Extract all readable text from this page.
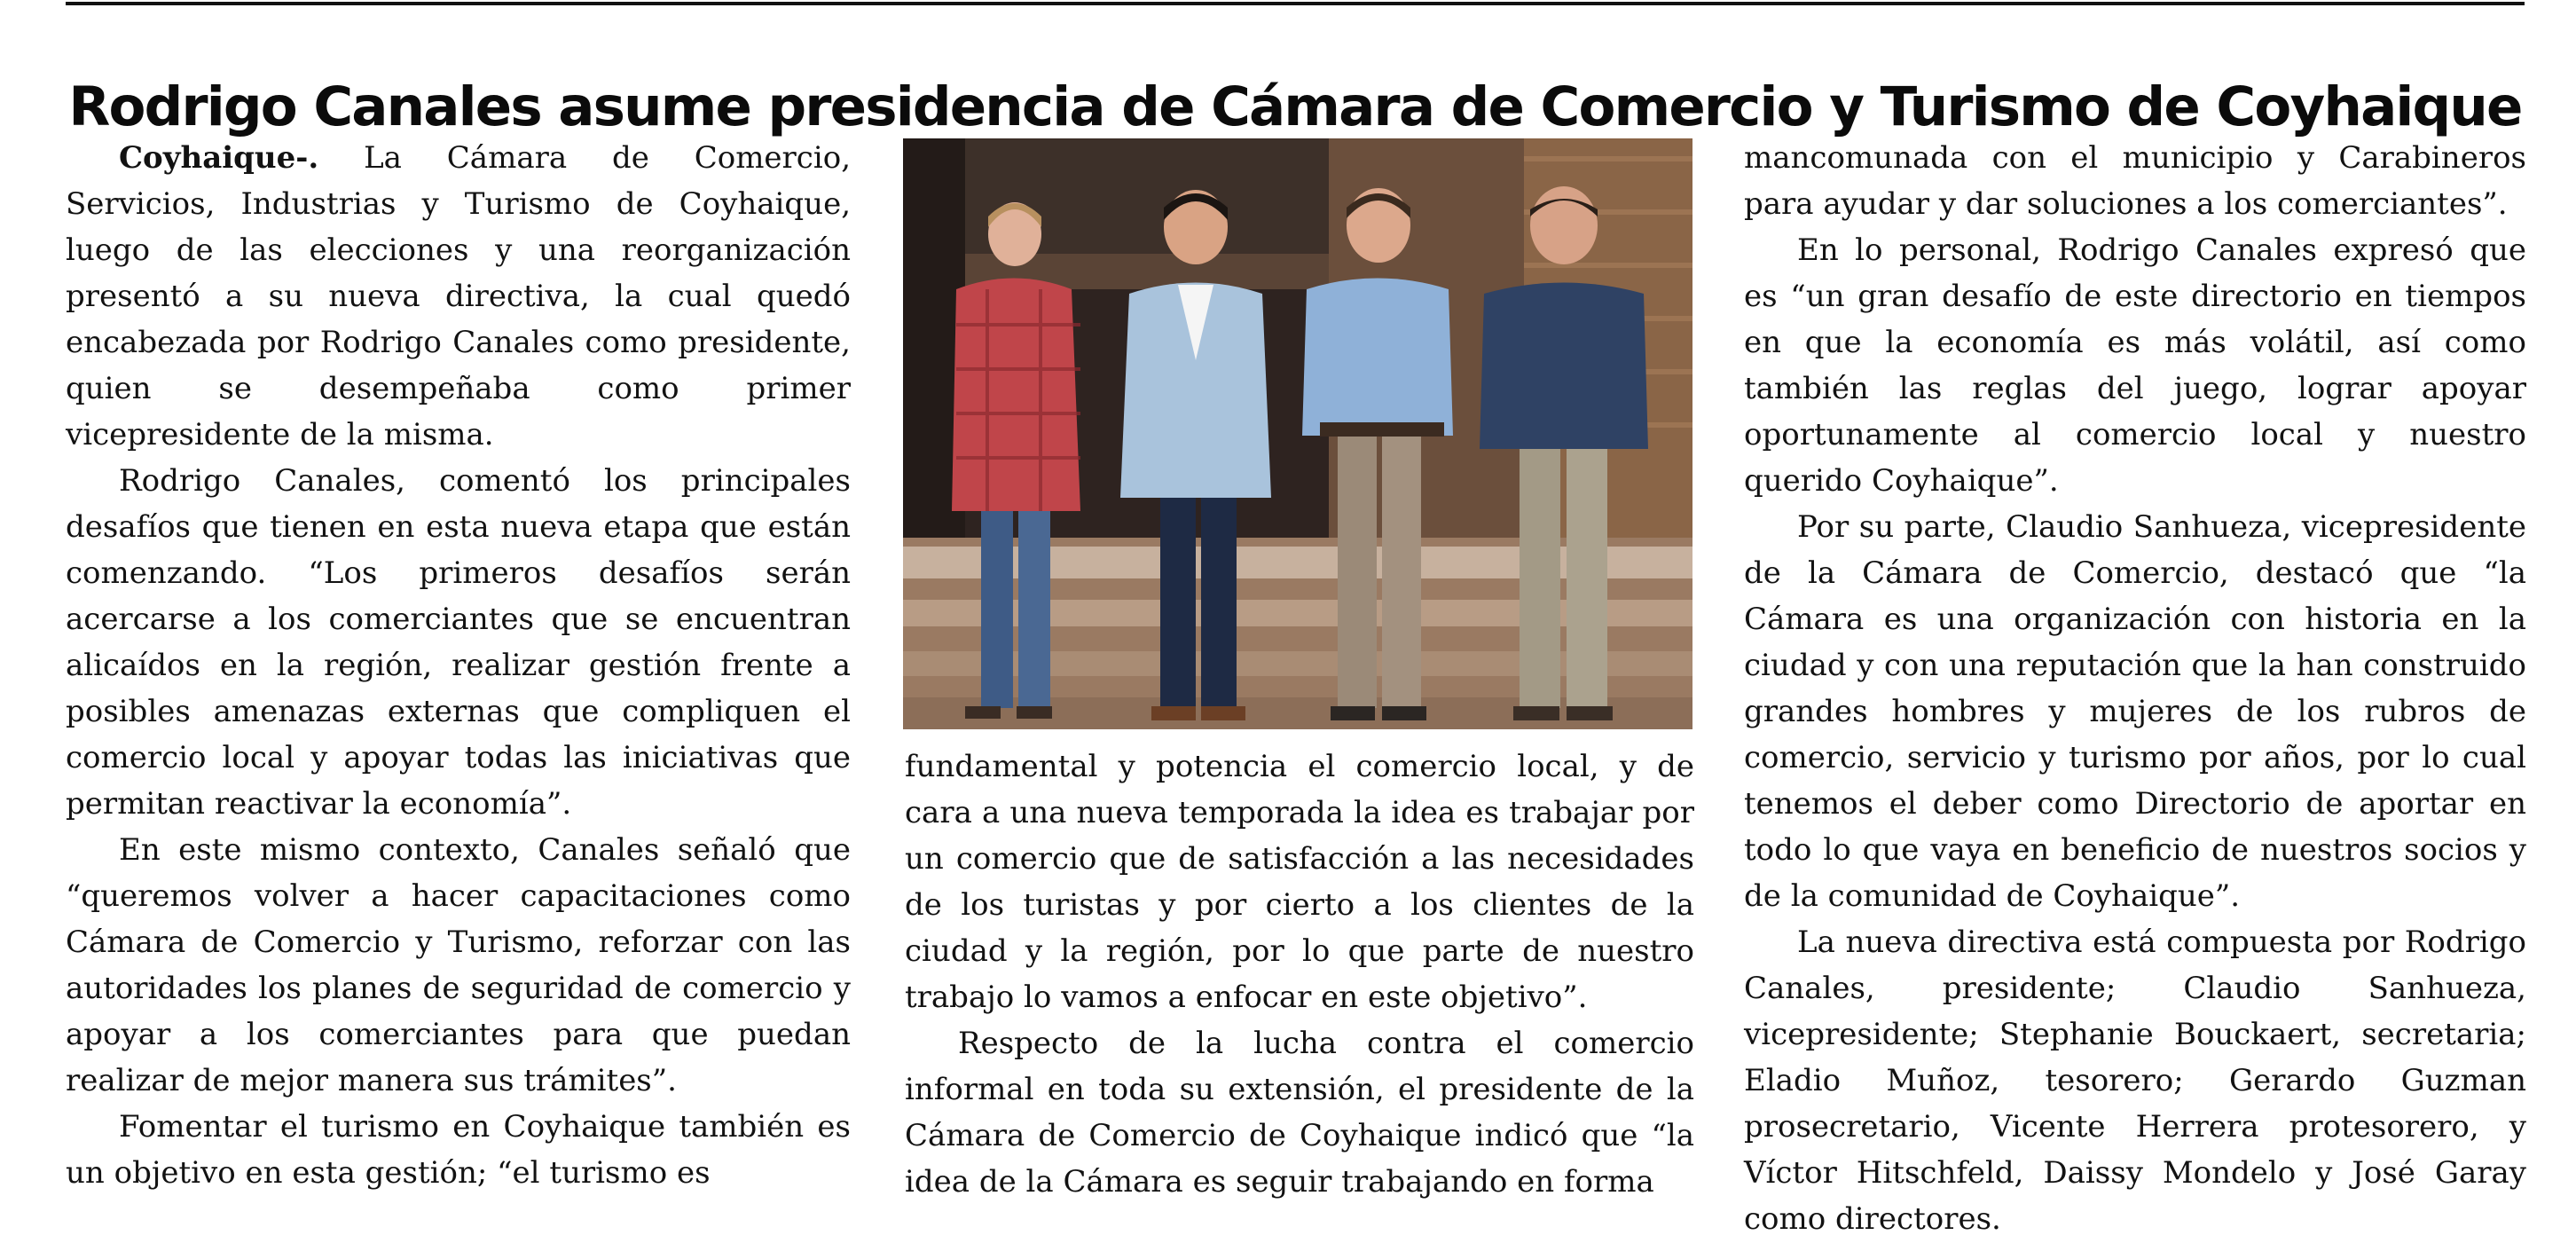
Rodrigo Canales asume presidencia de Cámara de Comercio y Turismo de Coyhaique

Coyhaique-. La Cámara de Comercio, Servicios, Industrias y Turismo de Coyhaique, luego de las elecciones y una reorganización presentó a su nueva directiva, la cual quedó encabezada por Rodrigo Canales como presidente, quien se desempeñaba como primer vicepresidente de la misma.

Rodrigo Canales, comentó los principales desafíos que tienen en esta nueva etapa que están comenzando. “Los primeros desafíos serán acercarse a los comerciantes que se encuentran alicaídos en la región, realizar gestión frente a posibles amenazas externas que compliquen el comercio local y apoyar todas las iniciativas que permitan reactivar la economía”.

En este mismo contexto, Canales señaló que “queremos volver a hacer capacitaciones como Cámara de Comercio y Turismo, reforzar con las autoridades los planes de seguridad de comercio y apoyar a los comerciantes para que puedan realizar de mejor manera sus trámites”.

Fomentar el turismo en Coyhaique también es un objetivo en esta gestión; “el turismo es

fundamental y potencia el comercio local, y de cara a una nueva temporada la idea es trabajar por un comercio que de satisfacción a las necesidades de los turistas y por cierto a los clientes de la ciudad y la región, por lo que parte de nuestro trabajo lo vamos a enfocar en este objetivo”.

Respecto de la lucha contra el comercio informal en toda su extensión, el presidente de la Cámara de Comercio de Coyhaique indicó que “la idea de la Cámara es seguir trabajando en forma

mancomunada con el municipio y Carabineros para ayudar y dar soluciones a los comerciantes”.

En lo personal, Rodrigo Canales expresó que es “un gran desafío de este directorio en tiempos en que la economía es más volátil, así como también las reglas del juego, lograr apoyar oportunamente al comercio local y nuestro querido Coyhaique”.

Por su parte, Claudio Sanhueza, vicepresidente de la Cámara de Comercio, destacó que “la Cámara es una organización con historia en la ciudad y con una reputación que la han construido grandes hombres y mujeres de los rubros de comercio, servicio y turismo por años, por lo cual tenemos el deber como Directorio de aportar en todo lo que vaya en beneficio de nuestros socios y de la comunidad de Coyhaique”.

La nueva directiva está compuesta por Rodrigo Canales, presidente; Claudio Sanhueza, vicepresidente; Stephanie Bouckaert, secretaria; Eladio Muñoz, tesorero; Gerardo Guzman prosecretario, Vicente Herrera protesorero, y Víctor Hitschfeld, Daissy Mondelo y José Garay como directores.
